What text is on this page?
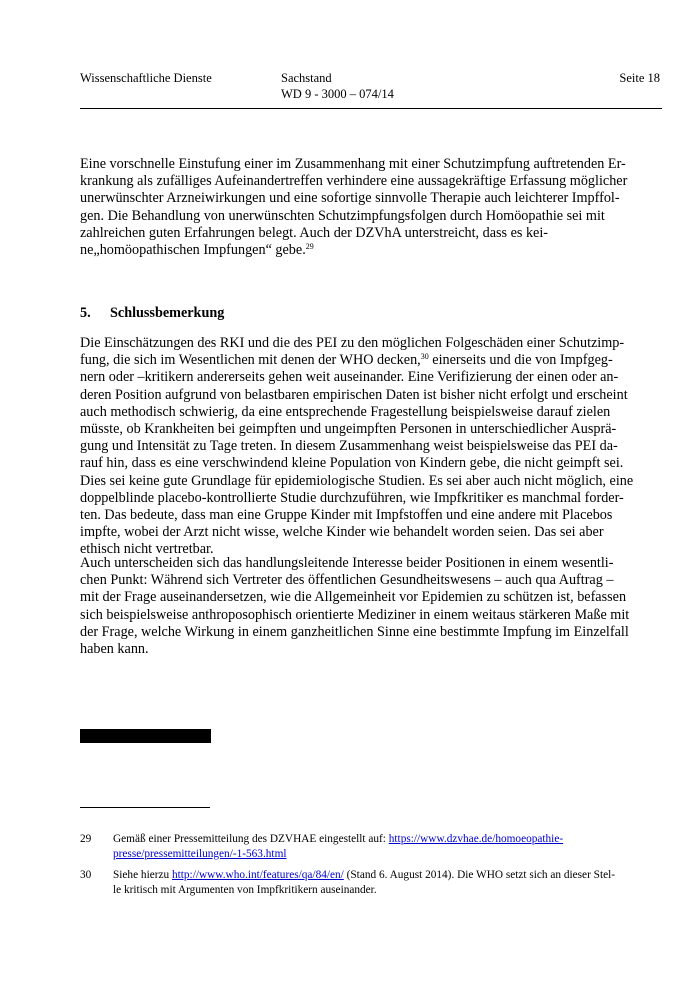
Wissenschaftliche Dienste	Sachstand
WD 9 - 3000 – 074/14
Seite 18
Eine vorschnelle Einstufung einer im Zusammenhang mit einer Schutzimpfung auftretenden Er-
krankung als zufälliges Aufeinandertreffen verhindere eine aussagekräftige Erfassung möglicher
unerwünschter Arzneiwirkungen und eine sofortige sinnvolle Therapie auch leichterer Impffol-
gen. Die Behandlung von unerwünschten Schutzimpfungsfolgen durch Homöopathie sei mit
zahlreichen guten Erfahrungen belegt. Auch der DZVhA unterstreicht, dass es kei-
ne„homöopathischen Impfungen“ gebe.$^{29}$
5. Schlussbemerkung
Die Einschätzungen des RKI und die des PEI zu den möglichen Folgeschäden einer Schutzimp-
fung, die sich im Wesentlichen mit denen der WHO decken,$^{30}$ einerseits und die von Impfgeg-
nern oder –kritikern andererseits gehen weit auseinander. Eine Verifizierung der einen oder an-
deren Position aufgrund von belastbaren empirischen Daten ist bisher nicht erfolgt und erscheint
auch methodisch schwierig, da eine entsprechende Fragestellung beispielsweise darauf zielen
müsste, ob Krankheiten bei geimpften und ungeimpften Personen in unterschiedlicher Ausprä-
gung und Intensität zu Tage treten. In diesem Zusammenhang weist beispielsweise das PEI da-
rauf hin, dass es eine verschwindend kleine Population von Kindern gebe, die nicht geimpft sei.
Dies sei keine gute Grundlage für epidemiologische Studien. Es sei aber auch nicht möglich, eine
doppelblinde placebo-kontrollierte Studie durchzuführen, wie Impfkritiker es manchmal forder-
ten. Das bedeute, dass man eine Gruppe Kinder mit Impfstoffen und eine andere mit Placebos
impfte, wobei der Arzt nicht wisse, welche Kinder wie behandelt worden seien. Das sei aber
ethisch nicht vertretbar.
Auch unterscheiden sich das handlungsleitende Interesse beider Positionen in einem wesentli-
chen Punkt: Während sich Vertreter des öffentlichen Gesundheitswesens – auch qua Auftrag –
mit der Frage auseinandersetzen, wie die Allgemeinheit vor Epidemien zu schützen ist, befassen
sich beispielsweise anthroposophisch orientierte Mediziner in einem weitaus stärkeren Maße mit
der Frage, welche Wirkung in einem ganzheitlichen Sinne eine bestimmte Impfung im Einzelfall
haben kann.
29 Gemäß einer Pressemitteilung des DZVHAE eingestellt auf: https://www.dzvhae.de/homoeopathie-
presse/pressemitteilungen/-1-563.html
30 Siehe hierzu http://www.who.int/features/qa/84/en/ (Stand 6. August 2014). Die WHO setzt sich an dieser Stel-
le kritisch mit Argumenten von Impfkritikern auseinander.
